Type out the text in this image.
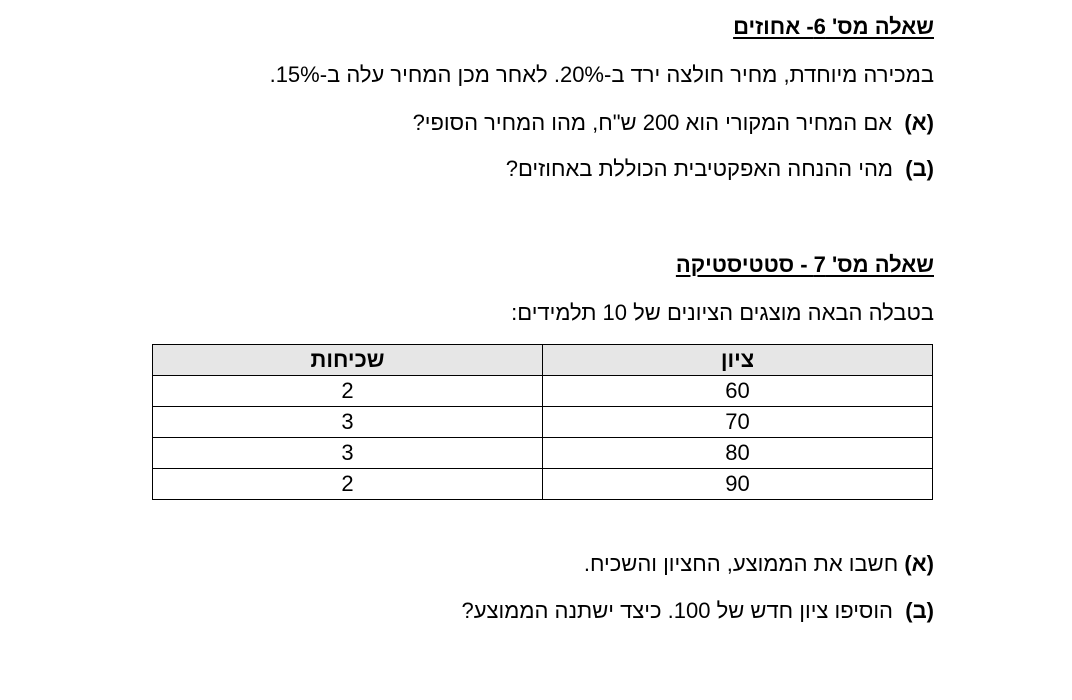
שאלה מס' 6- אחוזים
במכירה מיוחדת, מחיר חולצה ירד ב-20%. לאחר מכן המחיר עלה ב-15%.
(א)  אם המחיר המקורי הוא 200 ש"ח, מהו המחיר הסופי?
(ב)  מהי ההנחה האפקטיבית הכוללת באחוזים?
שאלה מס' 7 - סטטיסטיקה
בטבלה הבאה מוצגים הציונים של 10 תלמידים:
ציון	שכיחות
60	2
70	3
80	3
90	2
(א) חשבו את הממוצע, החציון והשכיח.
(ב)  הוסיפו ציון חדש של 100. כיצד ישתנה הממוצע?
